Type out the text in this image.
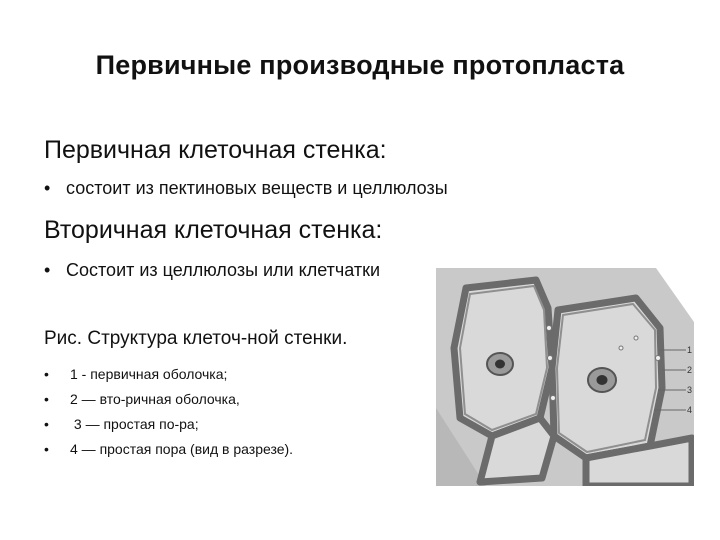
Первичные производные протопласта
Первичная клеточная стенка:
• состоит из пектиновых веществ и целлюлозы
Вторичная клеточная стенка:
• Состоит из целлюлозы или клетчатки
Рис. Структура клеточ-ной стенки.
• 1 - первичная оболочка;
• 2 — вто-ричная оболочка,
• 3 — простая по-ра;
• 4 — простая пора (вид в разрезе).
1
2
3
4
